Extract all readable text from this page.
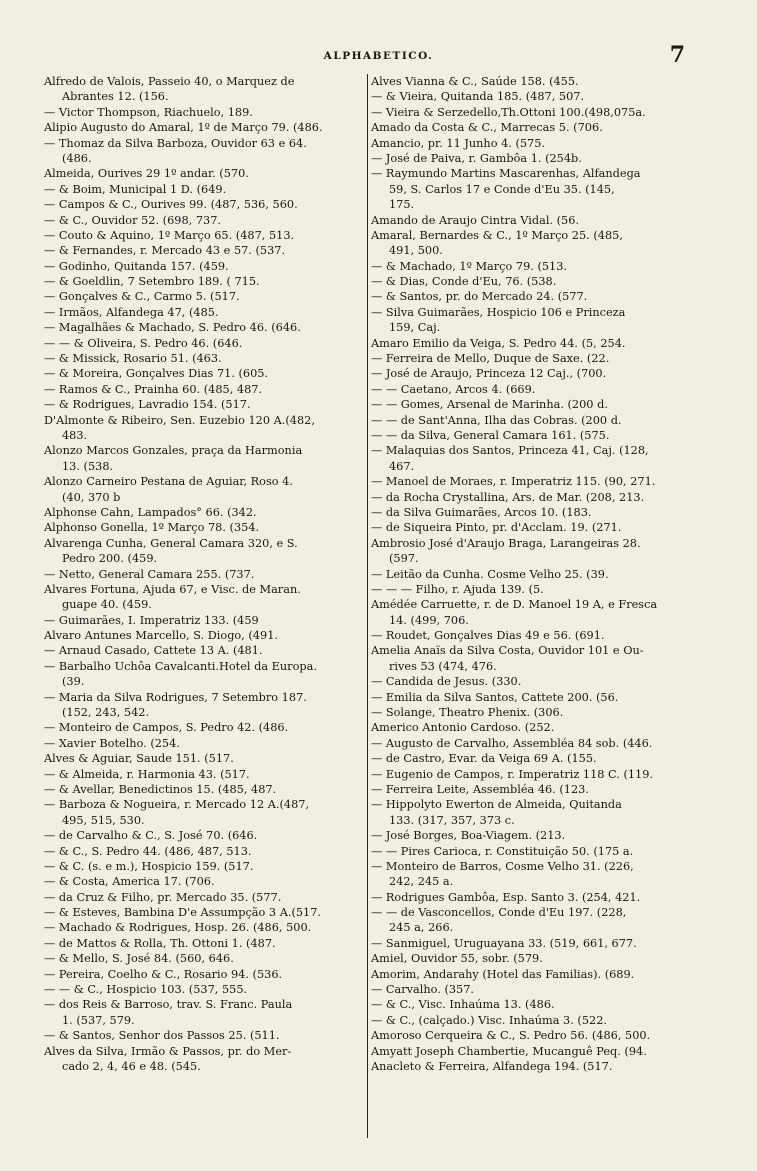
ALPHABETICO.	7
Alfredo de Valois, Passeio 40, o Marquez de
Abrantes 12. (156.
— Victor Thompson, Riachuelo, 189.
Alipio Augusto do Amaral, 1º de Março 79. (486.
— Thomaz da Silva Barboza, Ouvidor 63 e 64.
(486.
Almeida, Ourives 29 1º andar. (570.
— & Boim, Municipal 1 D. (649.
— Campos & C., Ourives 99. (487, 536, 560.
— & C., Ouvidor 52. (698, 737.
— Couto & Aquino, 1º Março 65. (487, 513.
— & Fernandes, r. Mercado 43 e 57. (537.
— Godinho, Quitanda 157. (459.
— & Goeldlin, 7 Setembro 189. ( 715.
— Gonçalves & C., Carmo 5. (517.
— Irmãos, Alfandega 47, (485.
— Magalhães & Machado, S. Pedro 46. (646.
— — & Oliveira, S. Pedro 46. (646.
— & Missick, Rosario 51. (463.
— & Moreira, Gonçalves Dias 71. (605.
— Ramos & C., Prainha 60. (485, 487.
— & Rodrigues, Lavradio 154. (517.
D'Almonte & Ribeiro, Sen. Euzebio 120 A.(482,
483.
Alonzo Marcos Gonzales, praça da Harmonia
13. (538.
Alonzo Carneiro Pestana de Aguiar, Roso 4.
(40, 370 b
Alphonse Cahn, Lampados° 66. (342.
Alphonso Gonella, 1º Março 78. (354.
Alvarenga Cunha, General Camara 320, e S.
Pedro 200. (459.
— Netto, General Camara 255. (737.
Alvares Fortuna, Ajuda 67, e Visc. de Maran.
guape 40. (459.
— Guimarães, I. Imperatriz 133. (459
Alvaro Antunes Marcello, S. Diogo, (491.
— Arnaud Casado, Cattete 13 A. (481.
— Barbalho Uchôa Cavalcanti.Hotel da Europa.
(39.
— Maria da Silva Rodrigues, 7 Setembro 187.
(152, 243, 542.
— Monteiro de Campos, S. Pedro 42. (486.
— Xavier Botelho. (254.
Alves & Aguiar, Saude 151. (517.
— & Almeida, r. Harmonia 43. (517.
— & Avellar, Benedictinos 15. (485, 487.
— Barboza & Nogueira, r. Mercado 12 A.(487,
495, 515, 530.
— de Carvalho & C., S. José 70. (646.
— & C., S. Pedro 44. (486, 487, 513.
— & C. (s. e m.), Hospicio 159. (517.
— & Costa, America 17. (706.
— da Cruz & Filho, pr. Mercado 35. (577.
— & Esteves, Bambina D'e Assumpção 3 A.(517.
— Machado & Rodrigues, Hosp. 26. (486, 500.
— de Mattos & Rolla, Th. Ottoni 1. (487.
— & Mello, S. José 84. (560, 646.
— Pereira, Coelho & C., Rosario 94. (536.
— — & C., Hospicio 103. (537, 555.
— dos Reis & Barroso, trav. S. Franc. Paula
1. (537, 579.
— & Santos, Senhor dos Passos 25. (511.
Alves da Silva, Irmão & Passos, pr. do Mer-
cado 2, 4, 46 e 48. (545.
Alves Vianna & C., Saúde 158. (455.
— & Vieira, Quitanda 185. (487, 507.
— Vieira & Serzedello,Th.Ottoni 100.(498,075a.
Amado da Costa & C., Marrecas 5. (706.
Amancio, pr. 11 Junho 4. (575.
— José de Paiva, r. Gambôa 1. (254b.
— Raymundo Martins Mascarenhas, Alfandega
59, S. Carlos 17 e Conde d'Eu 35. (145,
175.
Amando de Araujo Cintra Vidal. (56.
Amaral, Bernardes & C., 1º Março 25. (485,
491, 500.
— & Machado, 1º Março 79. (513.
— & Dias, Conde d'Eu, 76. (538.
— & Santos, pr. do Mercado 24. (577.
— Silva Guimarães, Hospicio 106 e Princeza
159, Caj.
Amaro Emilio da Veiga, S. Pedro 44. (5, 254.
— Ferreira de Mello, Duque de Saxe. (22.
— José de Araujo, Princeza 12 Caj., (700.
— — Caetano, Arcos 4. (669.
— — Gomes, Arsenal de Marinha. (200 d.
— — de Sant'Anna, Ilha das Cobras. (200 d.
— — da Silva, General Camara 161. (575.
— Malaquias dos Santos, Princeza 41, Caj. (128,
467.
— Manoel de Moraes, r. Imperatriz 115. (90, 271.
— da Rocha Crystallina, Ars. de Mar. (208, 213.
— da Silva Guimarães, Arcos 10. (183.
— de Siqueira Pinto, pr. d'Acclam. 19. (271.
Ambrosio José d'Araujo Braga, Larangeiras 28.
(597.
— Leitão da Cunha. Cosme Velho 25. (39.
— — — Filho, r. Ajuda 139. (5.
Amédée Carruette, r. de D. Manoel 19 A, e Fresca
14. (499, 706.
— Roudet, Gonçalves Dias 49 e 56. (691.
Amelia Anaïs da Silva Costa, Ouvidor 101 e Ou-
rives 53 (474, 476.
— Candida de Jesus. (330.
— Emilia da Silva Santos, Cattete 200. (56.
— Solange, Theatro Phenix. (306.
Americo Antonio Cardoso. (252.
— Augusto de Carvalho, Assembléa 84 sob. (446.
— de Castro, Evar. da Veiga 69 A. (155.
— Eugenio de Campos, r. Imperatriz 118 C. (119.
— Ferreira Leite, Assembléa 46. (123.
— Hippolyto Ewerton de Almeida, Quitanda
133. (317, 357, 373 c.
— José Borges, Boa-Viagem. (213.
— — Pires Carioca, r. Constituição 50. (175 a.
— Monteiro de Barros, Cosme Velho 31. (226,
242, 245 a.
— Rodrigues Gambôa, Esp. Santo 3. (254, 421.
— — de Vasconcellos, Conde d'Eu 197. (228,
245 a, 266.
— Sanmiguel, Uruguayana 33. (519, 661, 677.
Amiel, Ouvidor 55, sobr. (579.
Amorim, Andarahy (Hotel das Familias). (689.
— Carvalho. (357.
— & C., Visc. Inhaúma 13. (486.
— & C., (calçado.) Visc. Inhaúma 3. (522.
Amoroso Cerqueira & C., S. Pedro 56. (486, 500.
Amyatt Joseph Chambertie, Mucanguê Peq. (94.
Anacleto & Ferreira, Alfandega 194. (517.
